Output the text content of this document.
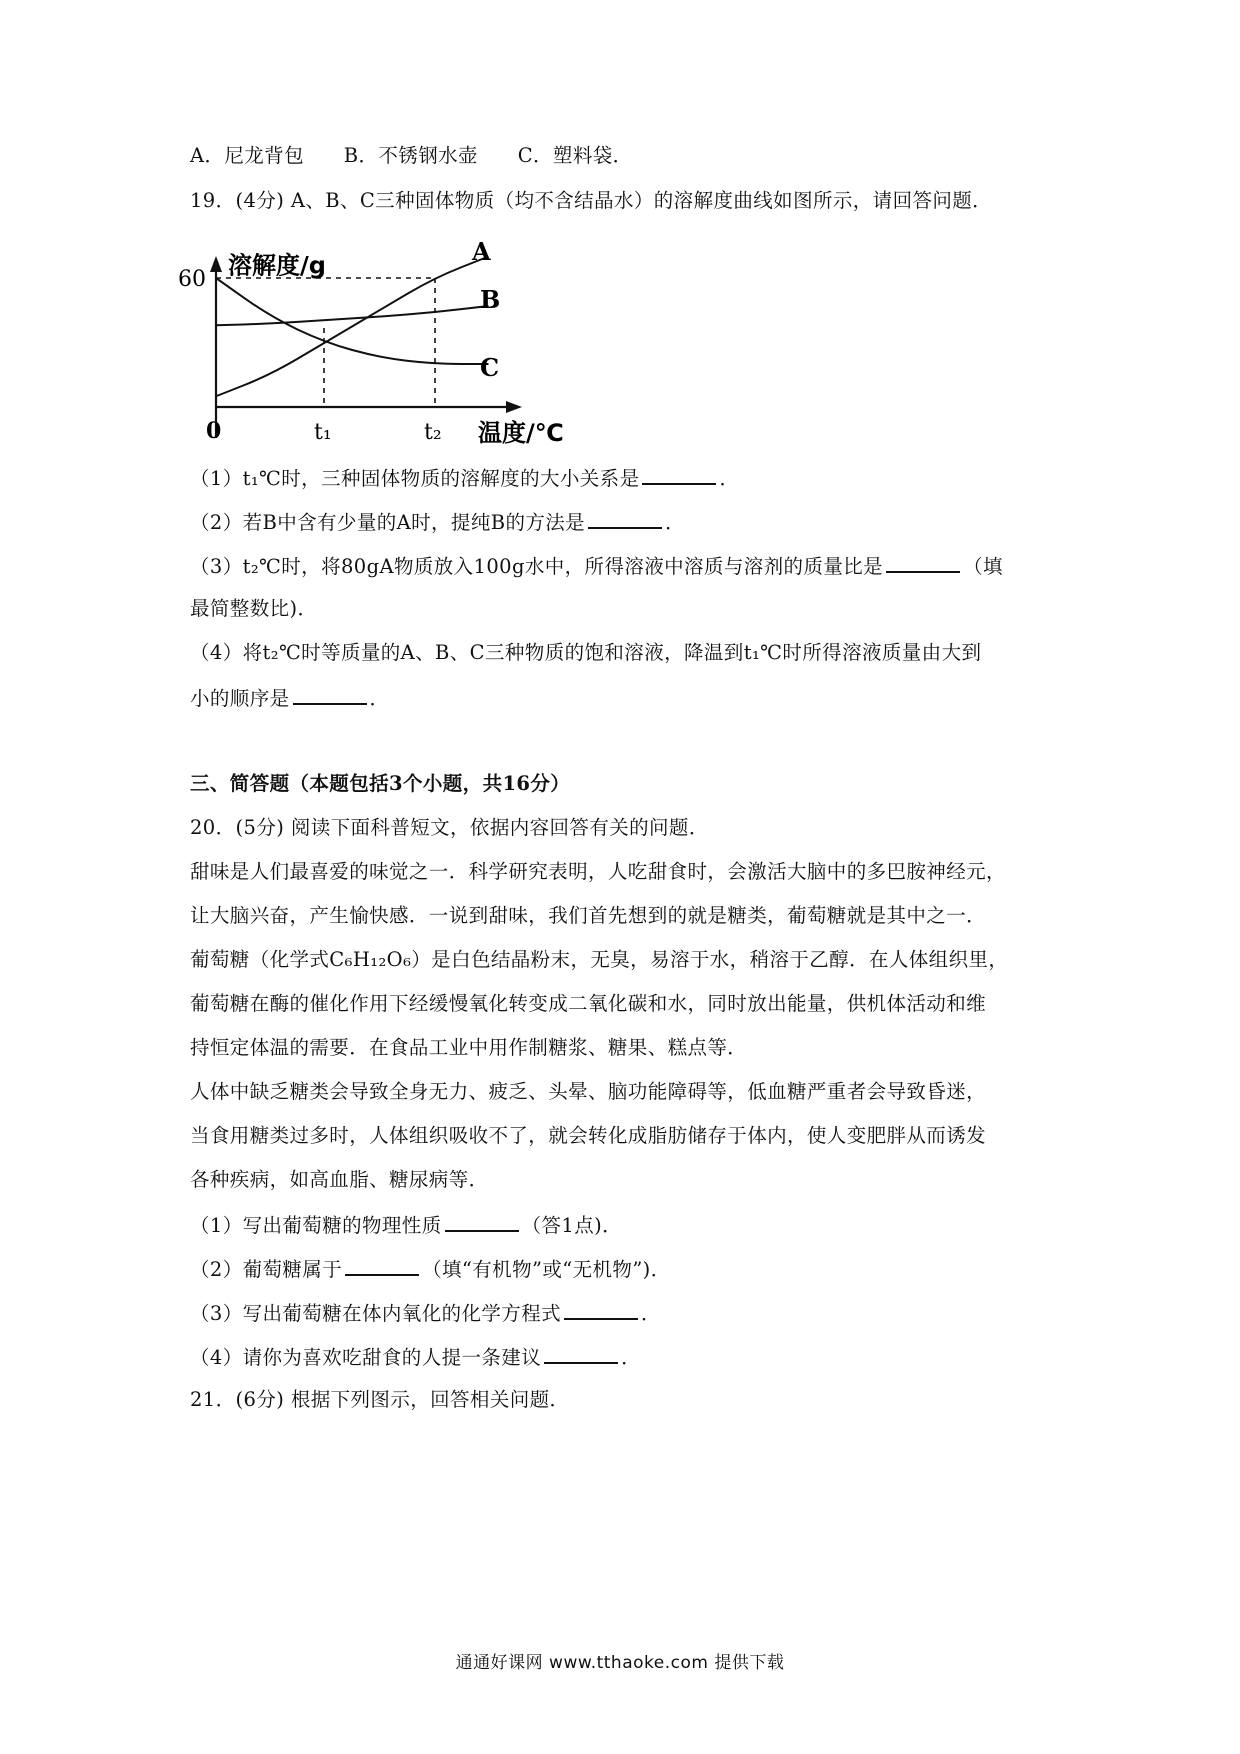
A．尼龙背包　　B．不锈钢水壶　　C．塑料袋．
19．(4分) A、B、C三种固体物质（均不含结晶水）的溶解度曲线如图所示，请回答问题．
溶解度/g
60
0	t₁	t₂ 温度/℃
A
B
C
（1）t₁℃时，三种固体物质的溶解度的大小关系是	．
（2）若B中含有少量的A时，提纯B的方法是	．
（3）t₂℃时，将80gA物质放入100g水中，所得溶液中溶质与溶剂的质量比是	（填
最简整数比)．
（4）将t₂℃时等质量的A、B、C三种物质的饱和溶液，降温到t₁℃时所得溶液质量由大到
小的顺序是	．
三、简答题（本题包括3个小题，共16分）
20．(5分) 阅读下面科普短文，依据内容回答有关的问题．
甜味是人们最喜爱的味觉之一．科学研究表明，人吃甜食时，会激活大脑中的多巴胺神经元，
让大脑兴奋，产生愉快感．一说到甜味，我们首先想到的就是糖类，葡萄糖就是其中之一．
葡萄糖（化学式C₆H₁₂O₆）是白色结晶粉末，无臭，易溶于水，稍溶于乙醇．在人体组织里，
葡萄糖在酶的催化作用下经缓慢氧化转变成二氧化碳和水，同时放出能量，供机体活动和维
持恒定体温的需要．在食品工业中用作制糖浆、糖果、糕点等．
人体中缺乏糖类会导致全身无力、疲乏、头晕、脑功能障碍等，低血糖严重者会导致昏迷，
当食用糖类过多时，人体组织吸收不了，就会转化成脂肪储存于体内，使人变肥胖从而诱发
各种疾病，如高血脂、糖尿病等．
（1）写出葡萄糖的物理性质	（答1点)．
（2）葡萄糖属于	（填“有机物”或“无机物”)．
（3）写出葡萄糖在体内氧化的化学方程式	．
（4）请你为喜欢吃甜食的人提一条建议	．
21．(6分) 根据下列图示，回答相关问题．
通通好课网 www.tthaoke.com 提供下载
